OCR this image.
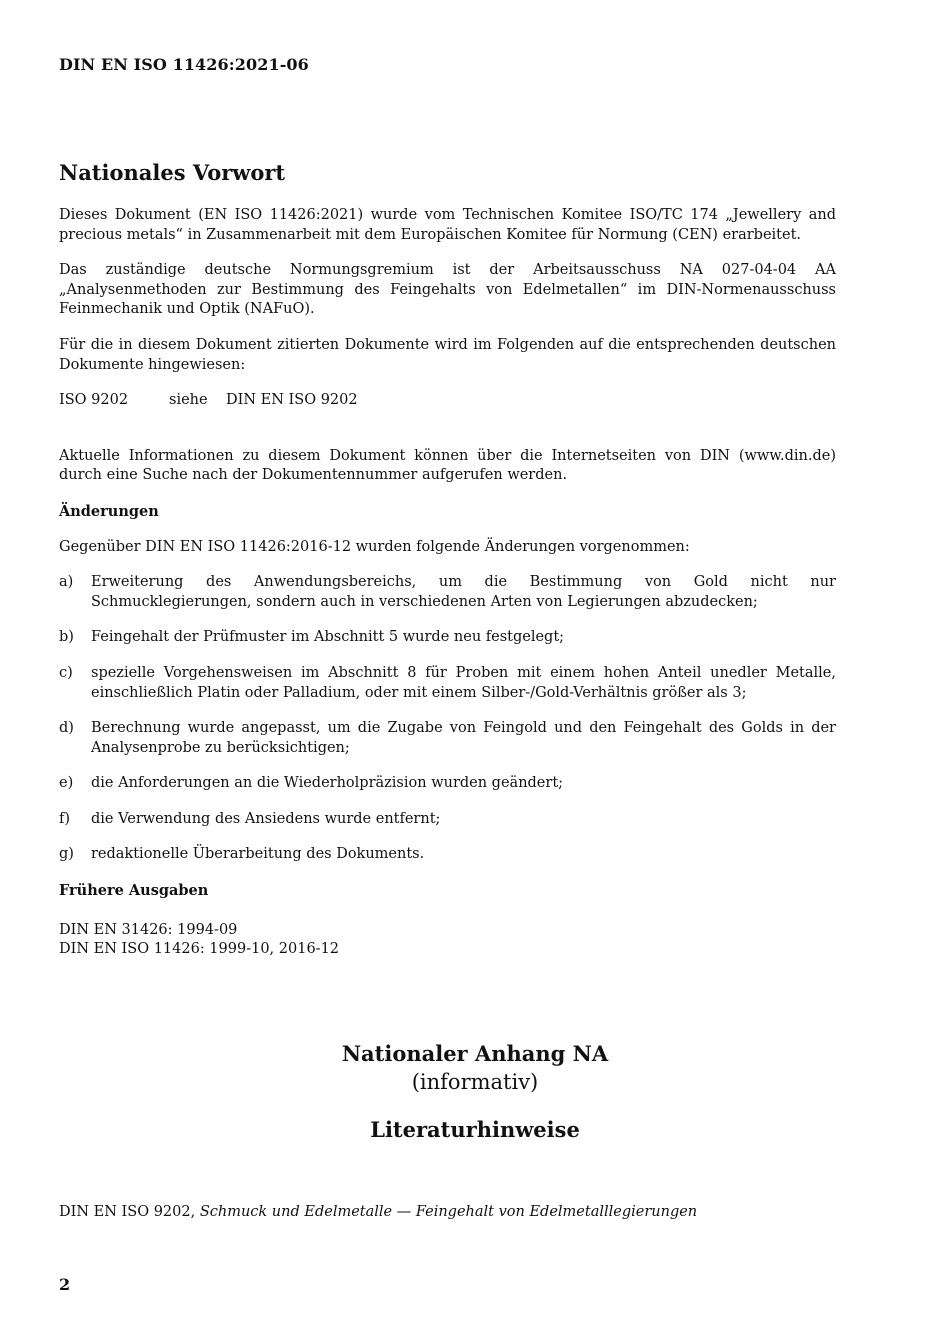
DIN EN ISO 11426:2021-06
Nationales Vorwort

Dieses Dokument (EN ISO 11426:2021) wurde vom Technischen Komitee ISO/TC 174 „Jewellery and precious metals“ in Zusammenarbeit mit dem Europäischen Komitee für Normung (CEN) erarbeitet.

Das zuständige deutsche Normungsgremium ist der Arbeitsausschuss NA 027-04-04 AA „Analysenmethoden zur Bestimmung des Feingehalts von Edelmetallen“ im DIN-Normenausschuss Feinmechanik und Optik (NAFuO).

Für die in diesem Dokument zitierten Dokumente wird im Folgenden auf die entsprechenden deutschen Dokumente hingewiesen:

ISO 9202	siehe	DIN EN ISO 9202

Aktuelle Informationen zu diesem Dokument können über die Internetseiten von DIN (www.din.de) durch eine Suche nach der Dokumentennummer aufgerufen werden.

Änderungen

Gegenüber DIN EN ISO 11426:2016-12 wurden folgende Änderungen vorgenommen:

a)	Erweiterung des Anwendungsbereichs, um die Bestimmung von Gold nicht nur Schmucklegierungen, sondern auch in verschiedenen Arten von Legierungen abzudecken;
b)	Feingehalt der Prüfmuster im Abschnitt 5 wurde neu festgelegt;
c)	spezielle Vorgehensweisen im Abschnitt 8 für Proben mit einem hohen Anteil unedler Metalle, einschließlich Platin oder Palladium, oder mit einem Silber-/Gold-Verhältnis größer als 3;
d)	Berechnung wurde angepasst, um die Zugabe von Feingold und den Feingehalt des Golds in der Analysenprobe zu berücksichtigen;
e)	die Anforderungen an die Wiederholpräzision wurden geändert;
f)	die Verwendung des Ansiedens wurde entfernt;
g)	redaktionelle Überarbeitung des Dokuments.
Frühere Ausgaben
DIN EN 31426: 1994-09
DIN EN ISO 11426: 1999-10, 2016-12
Nationaler Anhang NA
(informativ)
Literaturhinweise
DIN EN ISO 9202, Schmuck und Edelmetalle — Feingehalt von Edelmetalllegierungen
2
